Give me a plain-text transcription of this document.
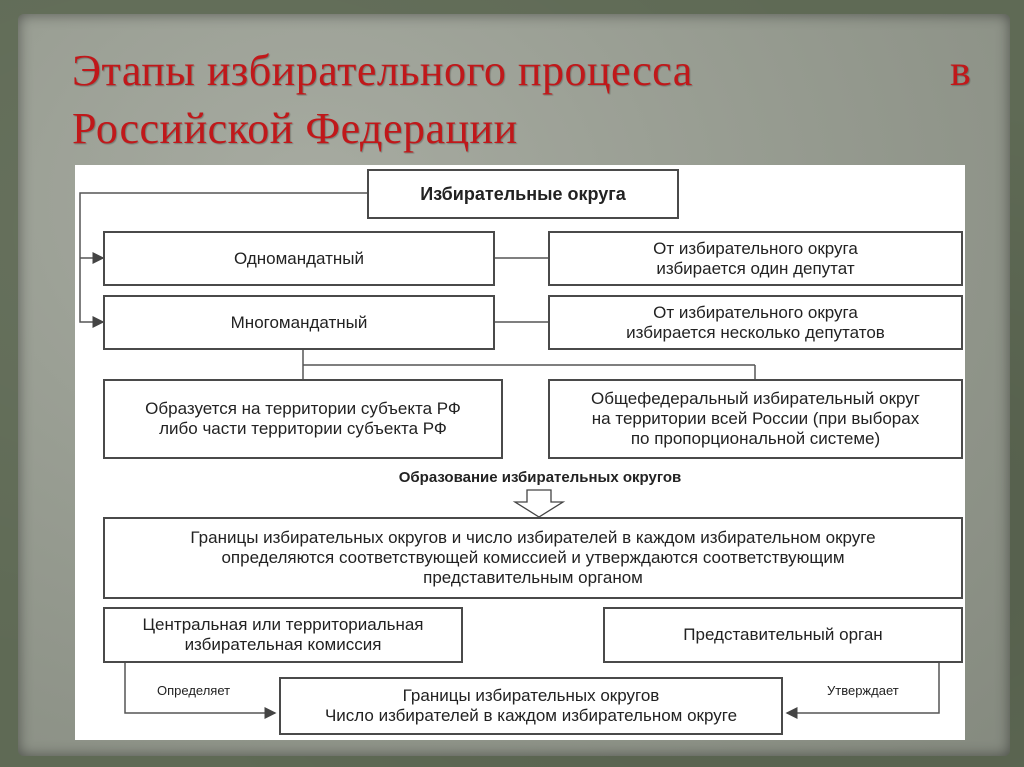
Этапы избирательного процесса	в
Российской Федерации
Избирательные округа
Одномандатный
От избирательного округа
избирается один депутат
Многомандатный
От избирательного округа
избирается несколько депутатов
Образуется на территории субъекта РФ
либо части территории субъекта РФ
Общефедеральный избирательный округ
на территории всей России (при выборах
по пропорциональной системе)
Образование избирательных округов
Границы избирательных округов и число избирателей в каждом избирательном округе
определяются соответствующей комиссией и утверждаются соответствующим
представительным органом
Центральная или территориальная
избирательная комиссия
Представительный орган
Определяет	Утверждает
Границы избирательных округов
Число избирателей в каждом избирательном округе
